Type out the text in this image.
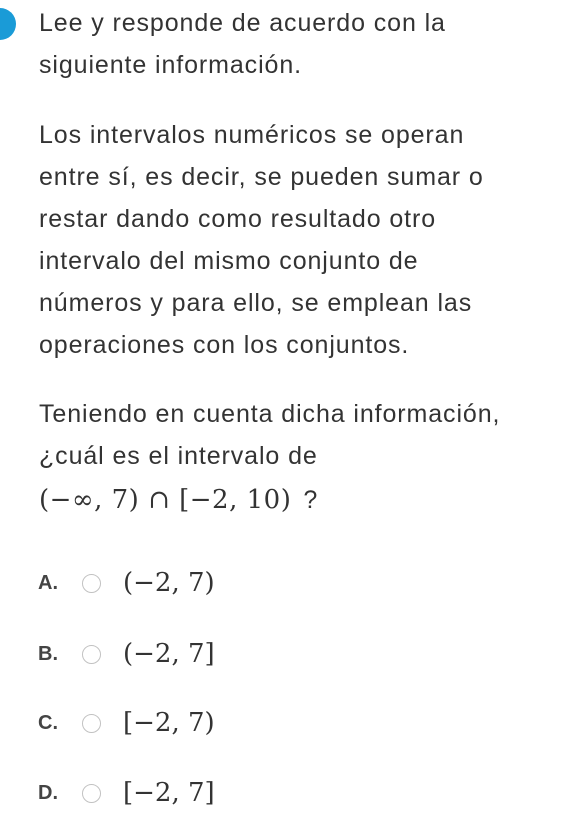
Lee y responde de acuerdo con la
siguiente información.
Los intervalos numéricos se operan
entre sí, es decir, se pueden sumar o
restar dando como resultado otro
intervalo del mismo conjunto de
números y para ello, se emplean las
operaciones con los conjuntos.
Teniendo en cuenta dicha información,
¿cuál es el intervalo de
(−∞, 7) ∩ [−2, 10) ?
A.	(−2, 7)
B.	(−2, 7]
C.	[−2, 7)
D.	[−2, 7]
